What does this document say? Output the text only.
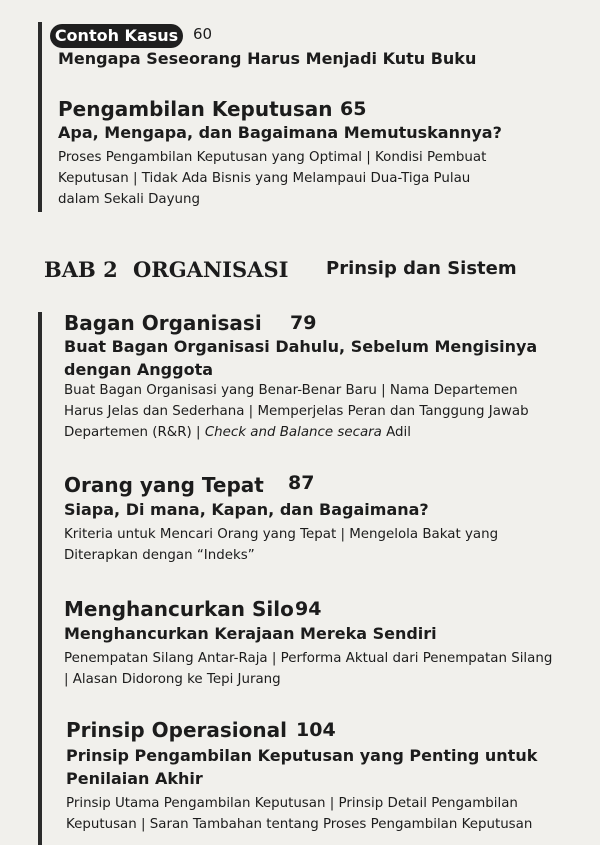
Contoh Kasus 60
Mengapa Seseorang Harus Menjadi Kutu Buku
Pengambilan Keputusan 65
Apa, Mengapa, dan Bagaimana Memutuskannya?
Proses Pengambilan Keputusan yang Optimal | Kondisi Pembuat
Keputusan | Tidak Ada Bisnis yang Melampaui Dua-Tiga Pulau
dalam Sekali Dayung
BAB 2 ORGANISASI Prinsip dan Sistem
Bagan Organisasi 79
Buat Bagan Organisasi Dahulu, Sebelum Mengisinya
dengan Anggota
Buat Bagan Organisasi yang Benar-Benar Baru | Nama Departemen
Harus Jelas dan Sederhana | Memperjelas Peran dan Tanggung Jawab
Departemen (R&R) | Check and Balance secara Adil
Orang yang Tepat 87
Siapa, Di mana, Kapan, dan Bagaimana?
Kriteria untuk Mencari Orang yang Tepat | Mengelola Bakat yang
Diterapkan dengan “Indeks”
Menghancurkan Silo 94
Menghancurkan Kerajaan Mereka Sendiri
Penempatan Silang Antar-Raja | Performa Aktual dari Penempatan Silang
| Alasan Didorong ke Tepi Jurang
Prinsip Operasional 104
Prinsip Pengambilan Keputusan yang Penting untuk
Penilaian Akhir
Prinsip Utama Pengambilan Keputusan | Prinsip Detail Pengambilan
Keputusan | Saran Tambahan tentang Proses Pengambilan Keputusan
